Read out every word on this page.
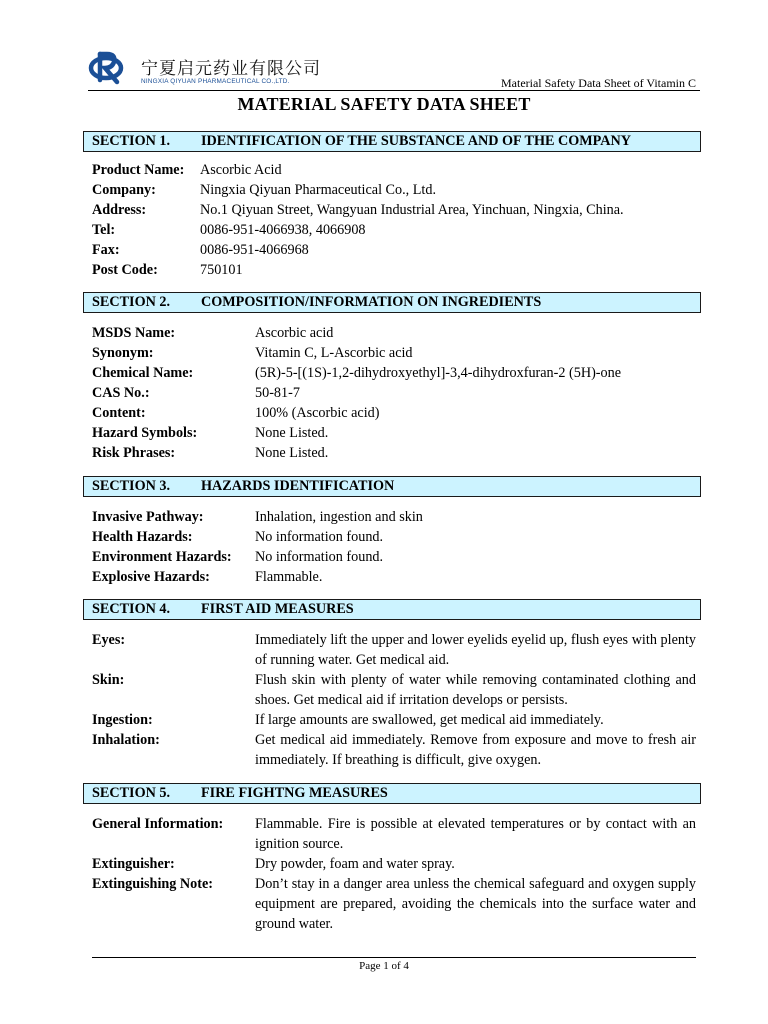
宁夏启元药业有限公司
NINGXIA QIYUAN PHARMACEUTICAL CO.,LTD.	Material Safety Data Sheet of Vitamin C
MATERIAL SAFETY DATA SHEET
SECTION 1. IDENTIFICATION OF THE SUBSTANCE AND OF THE COMPANY
Product Name:	Ascorbic Acid
Company:	Ningxia Qiyuan Pharmaceutical Co., Ltd.
Address:	No.1 Qiyuan Street, Wangyuan Industrial Area, Yinchuan, Ningxia, China.
Tel:	0086-951-4066938, 4066908
Fax:	0086-951-4066968
Post Code:	750101
SECTION 2. COMPOSITION/INFORMATION ON INGREDIENTS
MSDS Name:	Ascorbic acid
Synonym:	Vitamin C, L-Ascorbic acid
Chemical Name:	(5R)-5-[(1S)-1,2-dihydroxyethyl]-3,4-dihydroxfuran-2 (5H)-one
CAS No.:	50-81-7
Content:	100% (Ascorbic acid)
Hazard Symbols:	None Listed.
Risk Phrases:	None Listed.
SECTION 3. HAZARDS IDENTIFICATION
Invasive Pathway:	Inhalation, ingestion and skin
Health Hazards:	No information found.
Environment Hazards:	No information found.
Explosive Hazards:	Flammable.
SECTION 4. FIRST AID MEASURES
Eyes:	Immediately lift the upper and lower eyelids eyelid up, flush eyes with plenty of running water. Get medical aid.
Skin:	Flush skin with plenty of water while removing contaminated clothing and shoes. Get medical aid if irritation develops or persists.
Ingestion:	If large amounts are swallowed, get medical aid immediately.
Inhalation:	Get medical aid immediately. Remove from exposure and move to fresh air immediately. If breathing is difficult, give oxygen.
SECTION 5. FIRE FIGHTNG MEASURES
General Information:	Flammable. Fire is possible at elevated temperatures or by contact with an ignition source.
Extinguisher:	Dry powder, foam and water spray.
Extinguishing Note:	Don’t stay in a danger area unless the chemical safeguard and oxygen supply equipment are prepared, avoiding the chemicals into the surface water and ground water.
Page 1 of 4
